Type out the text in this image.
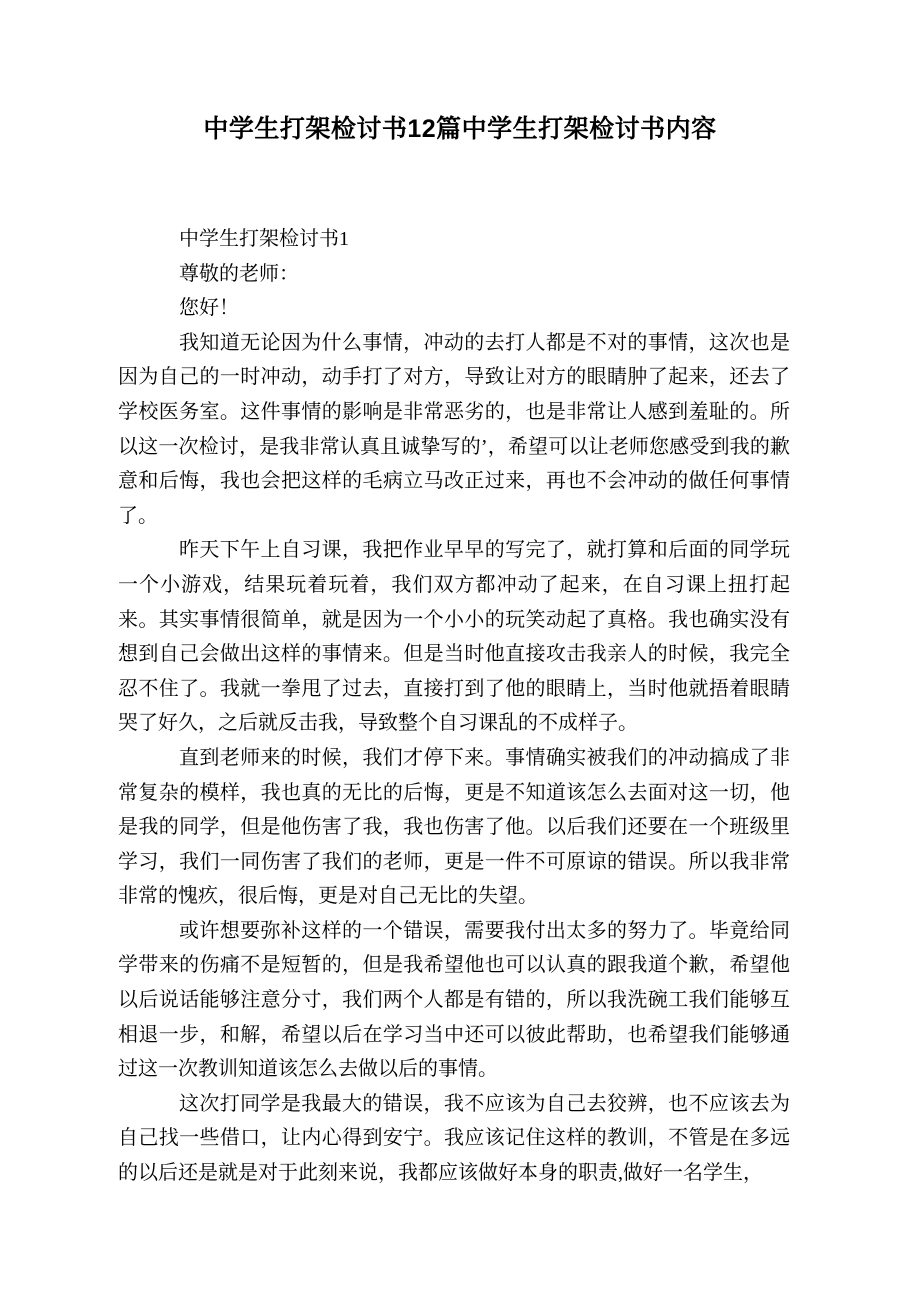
中学生打架检讨书12篇中学生打架检讨书内容

中学生打架检讨书1

尊敬的老师：

您好！

我知道无论因为什么事情，冲动的去打人都是不对的事情，这次也是因为自己的一时冲动，动手打了对方，导致让对方的眼睛肿了起来，还去了学校医务室。这件事情的影响是非常恶劣的，也是非常让人感到羞耻的。所以这一次检讨，是我非常认真且诚挚写的’，希望可以让老师您感受到我的歉意和后悔，我也会把这样的毛病立马改正过来，再也不会冲动的做任何事情了。

昨天下午上自习课，我把作业早早的写完了，就打算和后面的同学玩一个小游戏，结果玩着玩着，我们双方都冲动了起来，在自习课上扭打起来。其实事情很简单，就是因为一个小小的玩笑动起了真格。我也确实没有想到自己会做出这样的事情来。但是当时他直接攻击我亲人的时候，我完全忍不住了。我就一拳甩了过去，直接打到了他的眼睛上，当时他就捂着眼睛哭了好久，之后就反击我，导致整个自习课乱的不成样子。

直到老师来的时候，我们才停下来。事情确实被我们的冲动搞成了非常复杂的模样，我也真的无比的后悔，更是不知道该怎么去面对这一切，他是我的同学，但是他伤害了我，我也伤害了他。以后我们还要在一个班级里学习，我们一同伤害了我们的老师，更是一件不可原谅的错误。所以我非常非常的愧疚，很后悔，更是对自己无比的失望。

或许想要弥补这样的一个错误，需要我付出太多的努力了。毕竟给同学带来的伤痛不是短暂的，但是我希望他也可以认真的跟我道个歉，希望他以后说话能够注意分寸，我们两个人都是有错的，所以我洗碗工我们能够互相退一步，和解，希望以后在学习当中还可以彼此帮助，也希望我们能够通过这一次教训知道该怎么去做以后的事情。

这次打同学是我最大的错误，我不应该为自己去狡辨，也不应该去为自己找一些借口，让内心得到安宁。我应该记住这样的教训，不管是在多远的以后还是就是对于此刻来说，我都应该做好本身的职责,做好一名学生，
